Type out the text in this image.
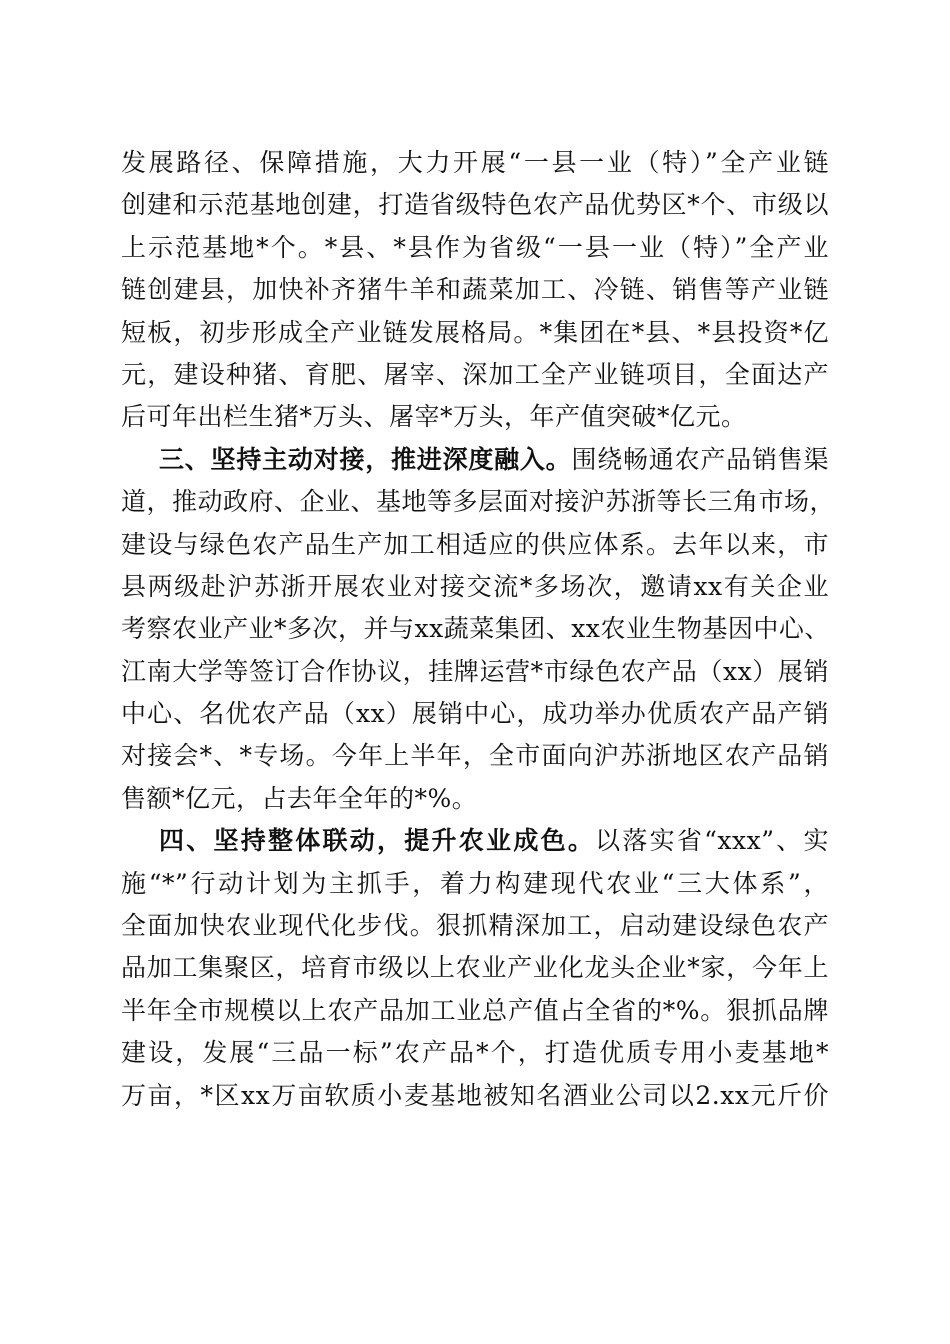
发展路径、保障措施，大力开展“一县一业（特）”全产业链
创建和示范基地创建，打造省级特色农产品优势区*个、市级以
上示范基地*个。*县、*县作为省级“一县一业（特）”全产业
链创建县，加快补齐猪牛羊和蔬菜加工、冷链、销售等产业链
短板，初步形成全产业链发展格局。*集团在*县、*县投资*亿
元，建设种猪、育肥、屠宰、深加工全产业链项目，全面达产
后可年出栏生猪*万头、屠宰*万头，年产值突破*亿元。
三、坚持主动对接，推进深度融入。围绕畅通农产品销售渠
道，推动政府、企业、基地等多层面对接沪苏浙等长三角市场，
建设与绿色农产品生产加工相适应的供应体系。去年以来，市
县两级赴沪苏浙开展农业对接交流*多场次，邀请xx有关企业
考察农业产业*多次，并与xx蔬菜集团、xx农业生物基因中心、
江南大学等签订合作协议，挂牌运营*市绿色农产品（xx）展销
中心、名优农产品（xx）展销中心，成功举办优质农产品产销
对接会*、*专场。今年上半年，全市面向沪苏浙地区农产品销
售额*亿元，占去年全年的*%。
四、坚持整体联动，提升农业成色。以落实省“xxx”、实
施“*”行动计划为主抓手，着力构建现代农业“三大体系”，
全面加快农业现代化步伐。狠抓精深加工，启动建设绿色农产
品加工集聚区，培育市级以上农业产业化龙头企业*家，今年上
半年全市规模以上农产品加工业总产值占全省的*%。狠抓品牌
建设，发展“三品一标”农产品*个，打造优质专用小麦基地*
万亩，*区xx万亩软质小麦基地被知名酒业公司以2.xx元斤价
